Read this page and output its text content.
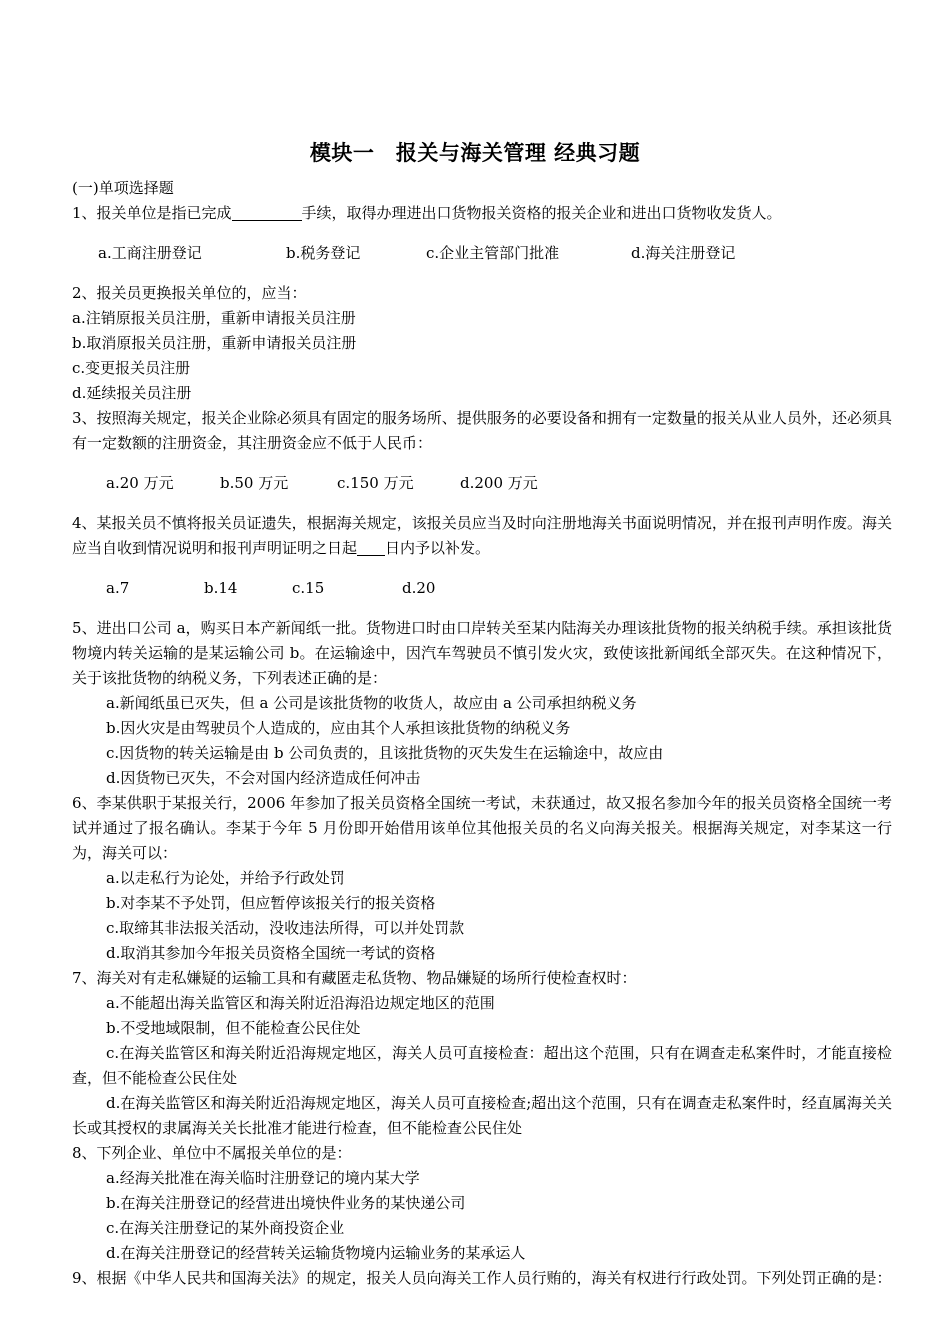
模块一　报关与海关管理 经典习题

(一)单项选择题

1、报关单位是指已完成	手续，取得办理进出口货物报关资格的报关企业和进出口货物收发货人。

a.工商注册登记	b.税务登记	c.企业主管部门批准	d.海关注册登记

2、报关员更换报关单位的，应当：

a.注销原报关员注册，重新申请报关员注册

b.取消原报关员注册，重新申请报关员注册

c.变更报关员注册

d.延续报关员注册

3、按照海关规定，报关企业除必须具有固定的服务场所、提供服务的必要设备和拥有一定数量的报关从业人员外，还必须具有一定数额的注册资金，其注册资金应不低于人民币：

a.20 万元	b.50 万元	c.150 万元	d.200 万元

4、某报关员不慎将报关员证遗失，根据海关规定，该报关员应当及时向注册地海关书面说明情况，并在报刊声明作废。海关应当自收到情况说明和报刊声明证明之日起 日内予以补发。

a.7	b.14	c.15	d.20

5、进出口公司 a，购买日本产新闻纸一批。货物进口时由口岸转关至某内陆海关办理该批货物的报关纳税手续。承担该批货物境内转关运输的是某运输公司 b。在运输途中，因汽车驾驶员不慎引发火灾，致使该批新闻纸全部灭失。在这种情况下，关于该批货物的纳税义务，下列表述正确的是：

a.新闻纸虽已灭失，但 a 公司是该批货物的收货人，故应由 a 公司承担纳税义务

b.因火灾是由驾驶员个人造成的，应由其个人承担该批货物的纳税义务

c.因货物的转关运输是由 b 公司负责的，且该批货物的灭失发生在运输途中，故应由

d.因货物已灭失，不会对国内经济造成任何冲击

6、李某供职于某报关行，2006 年参加了报关员资格全国统一考试，未获通过，故又报名参加今年的报关员资格全国统一考试并通过了报名确认。李某于今年 5 月份即开始借用该单位其他报关员的名义向海关报关。根据海关规定，对李某这一行为，海关可以：

a.以走私行为论处，并给予行政处罚

b.对李某不予处罚，但应暂停该报关行的报关资格

c.取缔其非法报关活动，没收违法所得，可以并处罚款

d.取消其参加今年报关员资格全国统一考试的资格

7、海关对有走私嫌疑的运输工具和有藏匿走私货物、物品嫌疑的场所行使检查权时：

a.不能超出海关监管区和海关附近沿海沿边规定地区的范围

b.不受地域限制，但不能检查公民住处

c.在海关监管区和海关附近沿海规定地区，海关人员可直接检查：超出这个范围，只有在调查走私案件时，才能直接检查，但不能检查公民住处

d.在海关监管区和海关附近沿海规定地区，海关人员可直接检查;超出这个范围，只有在调查走私案件时，经直属海关关长或其授权的隶属海关关长批准才能进行检查，但不能检查公民住处

8、下列企业、单位中不属报关单位的是：

a.经海关批准在海关临时注册登记的境内某大学

b.在海关注册登记的经营进出境快件业务的某快递公司

c.在海关注册登记的某外商投资企业

d.在海关注册登记的经营转关运输货物境内运输业务的某承运人

9、根据《中华人民共和国海关法》的规定，报关人员向海关工作人员行贿的，海关有权进行行政处罚。下列处罚正确的是：
